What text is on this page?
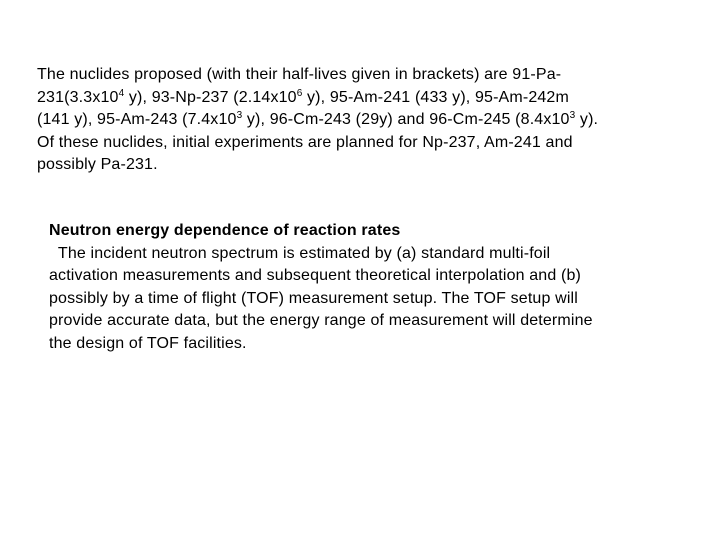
The nuclides proposed (with their half-lives given in brackets) are 91-Pa-
$231(3.3x10^4$ y), 93-Np-237 ($2.14x10^6$ y), 95-Am-241 (433 y), 95-Am-242m
(141 y), 95-Am-243 ($7.4x10^3$ y), 96-Cm-243 (29y) and 96-Cm-245 ($8.4x10^3$ y).
Of these nuclides, initial experiments are planned for Np-237, Am-241 and
possibly Pa-231.
Neutron energy dependence of reaction rates
The incident neutron spectrum is estimated by (a) standard multi-foil
activation measurements and subsequent theoretical interpolation and (b)
possibly by a time of flight (TOF) measurement setup. The TOF setup will
provide accurate data, but the energy range of measurement will determine
the design of TOF facilities.
